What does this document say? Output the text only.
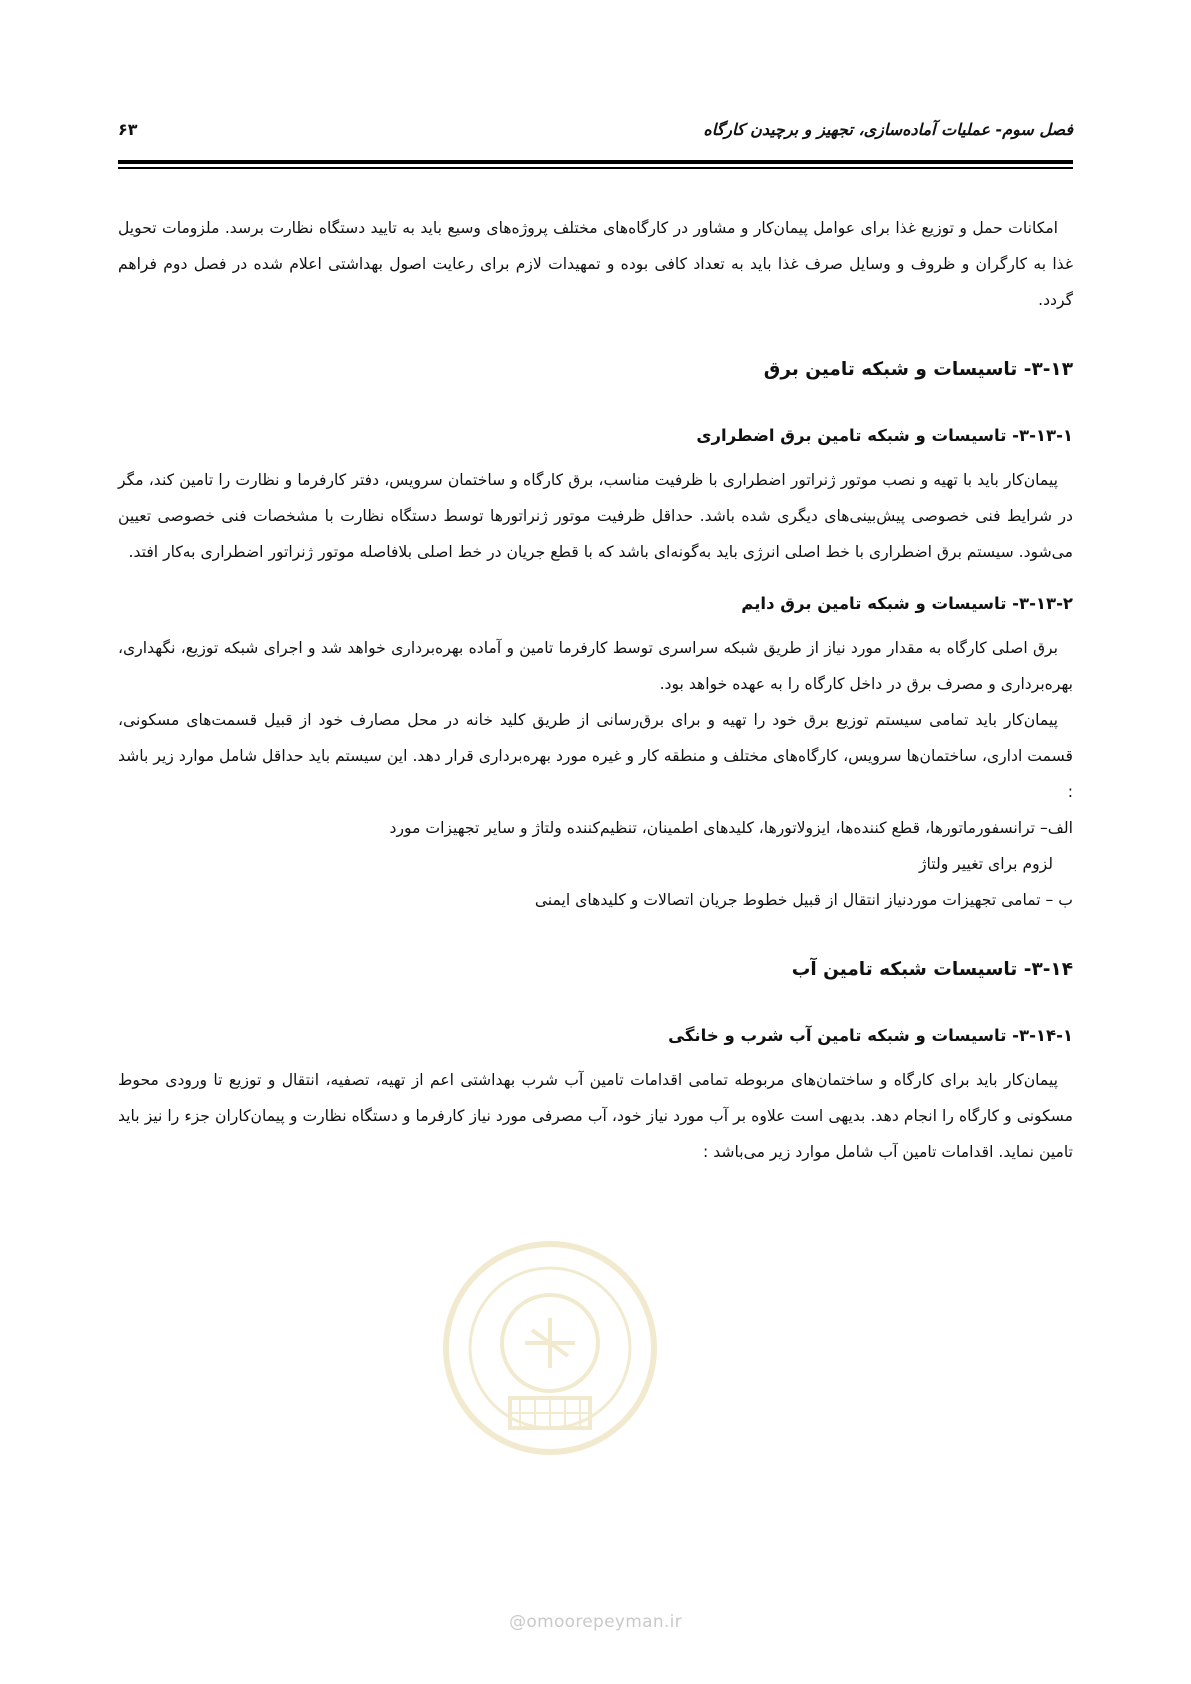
فصل سوم- عملیات آماده‌سازی، تجهیز و برچیدن کارگاه
۶۳

امکانات حمل و توزیع غذا برای عوامل پیمان‌کار و مشاور در کارگاه‌های مختلف پروژه‌های وسیع باید به تایید دستگاه نظارت برسد. ملزومات تحویل غذا به کارگران و ظروف و وسایل صرف غذا باید به تعداد کافی بوده و تمهیدات لازم برای رعایت اصول بهداشتی اعلام شده در فصل دوم فراهم گردد.

۳-۱۳- تاسیسات و شبکه تامین برق
۳-۱۳-۱- تاسیسات و شبکه تامین برق اضطراری

پیمان‌کار باید با تهیه و نصب موتور ژنراتور اضطراری با ظرفیت مناسب، برق کارگاه و ساختمان سرویس، دفتر کارفرما و نظارت را تامین کند، مگر در شرایط فنی خصوصی پیش‌بینی‌های دیگری شده باشد. حداقل ظرفیت موتور ژنراتورها توسط دستگاه نظارت با مشخصات فنی خصوصی تعیین می‌شود. سیستم برق اضطراری با خط اصلی انرژی باید به‌گونه‌ای باشد که با قطع جریان در خط اصلی بلافاصله موتور ژنراتور اضطراری به‌کار افتد.

۳-۱۳-۲- تاسیسات و شبکه تامین برق دایم

برق اصلی کارگاه به مقدار مورد نیاز از طریق شبکه سراسری توسط کارفرما تامین و آماده بهره‌برداری خواهد شد و اجرای شبکه توزیع، نگهداری، بهره‌برداری و مصرف برق در داخل کارگاه را به عهده خواهد بود.

پیمان‌کار باید تمامی سیستم توزیع برق خود را تهیه و برای برق‌رسانی از طریق کلید خانه در محل مصارف خود از قبیل قسمت‌های مسکونی، قسمت اداری، ساختمان‌ها سرویس، کارگاه‌های مختلف و منطقه کار و غیره مورد بهره‌برداری قرار دهد. این سیستم باید حداقل شامل موارد زیر باشد :

الف– ترانسفورماتورها، قطع کننده‌ها، ایزولاتورها، کلیدهای اطمینان، تنظیم‌کننده ولتاژ و سایر تجهیزات مورد
لزوم برای تغییر ولتاژ
ب – تمامی تجهیزات موردنیاز انتقال از قبیل خطوط جریان اتصالات و کلیدهای ایمنی
۳-۱۴- تاسیسات شبکه تامین آب
۳-۱۴-۱- تاسیسات و شبکه تامین آب شرب و خانگی

پیمان‌کار باید برای کارگاه و ساختمان‌های مربوطه تمامی اقدامات تامین آب شرب بهداشتی اعم از تهیه، تصفیه، انتقال و توزیع تا ورودی محوط مسکونی و کارگاه را انجام دهد. بدیهی است علاوه بر آب مورد نیاز خود، آب مصرفی مورد نیاز کارفرما و دستگاه نظارت و پیمان‌کاران جزء را نیز باید تامین نماید. اقدامات تامین آب شامل موارد زیر می‌باشد :

@omoorepeyman.ir
